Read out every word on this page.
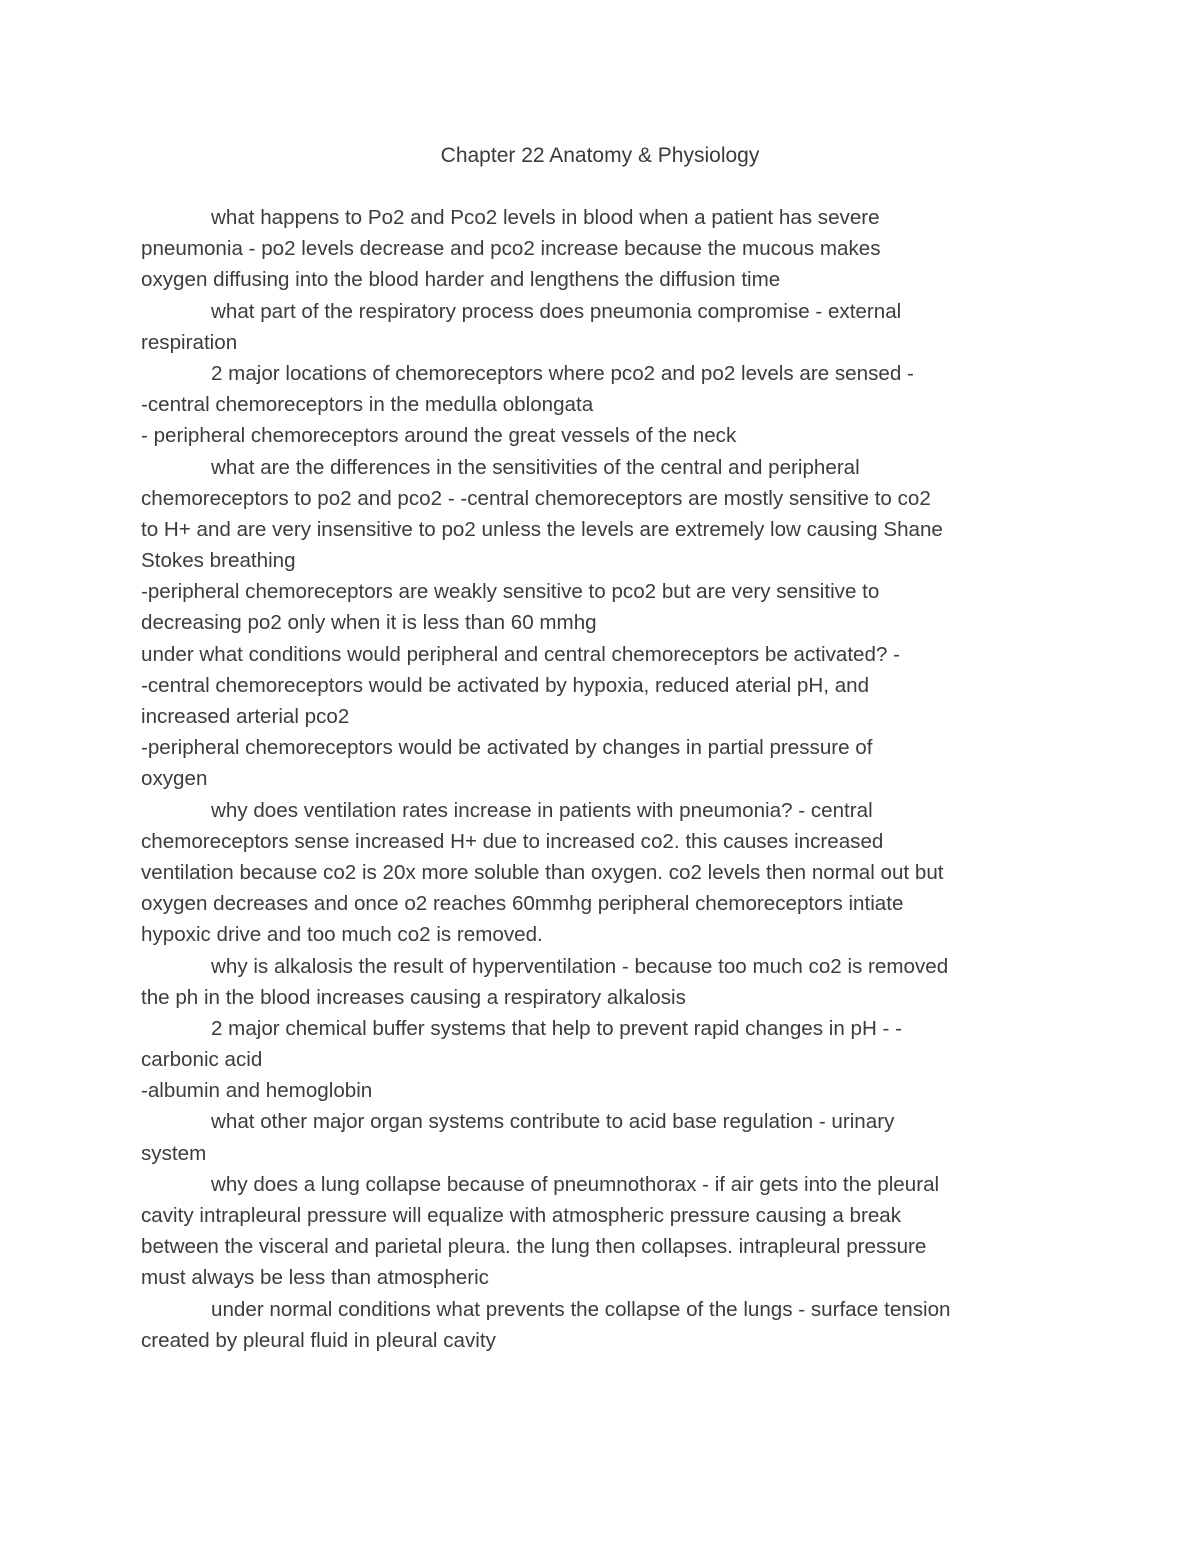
Chapter 22 Anatomy & Physiology
what happens to Po2 and Pco2 levels in blood when a patient has severe
pneumonia - po2 levels decrease and pco2 increase because the mucous makes
oxygen diffusing into the blood harder and lengthens the diffusion time
what part of the respiratory process does pneumonia compromise - external
respiration
2 major locations of chemoreceptors where pco2 and po2 levels are sensed -
-central chemoreceptors in the medulla oblongata
- peripheral chemoreceptors around the great vessels of the neck
what are the differences in the sensitivities of the central and peripheral
chemoreceptors to po2 and pco2 - -central chemoreceptors are mostly sensitive to co2
to H+ and are very insensitive to po2 unless the levels are extremely low causing Shane
Stokes breathing
-peripheral chemoreceptors are weakly sensitive to pco2 but are very sensitive to
decreasing po2 only when it is less than 60 mmhg
under what conditions would peripheral and central chemoreceptors be activated? -
-central chemoreceptors would be activated by hypoxia, reduced aterial pH, and
increased arterial pco2
-peripheral chemoreceptors would be activated by changes in partial pressure of
oxygen
why does ventilation rates increase in patients with pneumonia? - central
chemoreceptors sense increased H+ due to increased co2. this causes increased
ventilation because co2 is 20x more soluble than oxygen. co2 levels then normal out but
oxygen decreases and once o2 reaches 60mmhg peripheral chemoreceptors intiate
hypoxic drive and too much co2 is removed.
why is alkalosis the result of hyperventilation - because too much co2 is removed
the ph in the blood increases causing a respiratory alkalosis
2 major chemical buffer systems that help to prevent rapid changes in pH - -
carbonic acid
-albumin and hemoglobin
what other major organ systems contribute to acid base regulation - urinary
system
why does a lung collapse because of pneumnothorax - if air gets into the pleural
cavity intrapleural pressure will equalize with atmospheric pressure causing a break
between the visceral and parietal pleura. the lung then collapses. intrapleural pressure
must always be less than atmospheric
under normal conditions what prevents the collapse of the lungs - surface tension
created by pleural fluid in pleural cavity
